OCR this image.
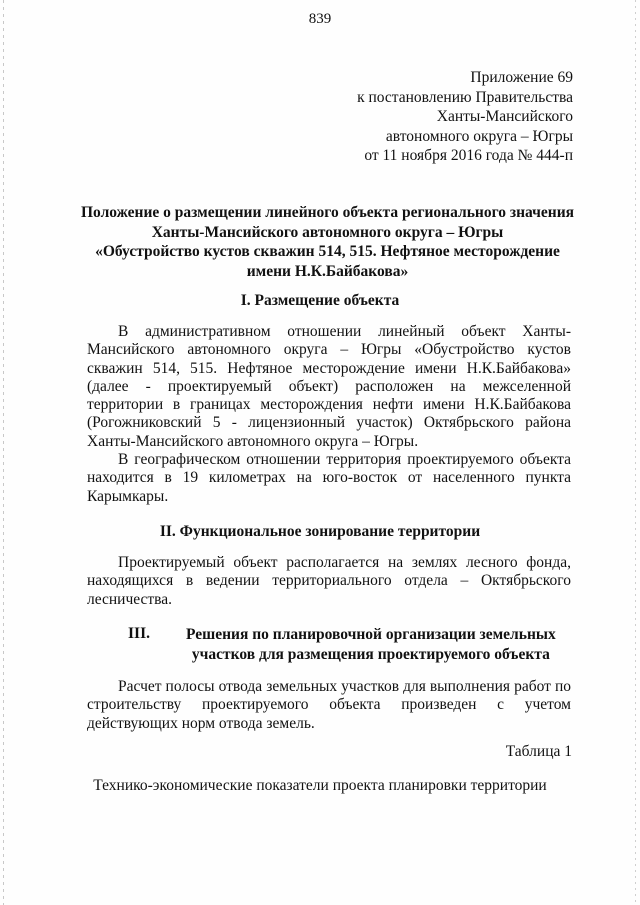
839
Приложение 69
к постановлению Правительства
Ханты-Мансийского
автономного округа – Югры
от 11 ноября 2016 года № 444-п
Положение о размещении линейного объекта регионального значения
Ханты-Мансийского автономного округа – Югры
«Обустройство кустов скважин 514, 515. Нефтяное месторождение
имени Н.К.Байбакова»
I. Размещение объекта
В административном отношении линейный объект Ханты-Мансийского автономного округа – Югры «Обустройство кустов скважин 514, 515. Нефтяное месторождение имени Н.К.Байбакова» (далее - проектируемый объект) расположен на межселенной территории в границах месторождения нефти имени Н.К.Байбакова (Рогожниковский 5 - лицензионный участок) Октябрьского района Ханты-Мансийского автономного округа – Югры.
В географическом отношении территория проектируемого объекта находится в 19 километрах на юго-восток от населенного пункта Карымкары.
II. Функциональное зонирование территории
Проектируемый объект располагается на землях лесного фонда, находящихся в ведении территориального отдела – Октябрьского лесничества.
III. Решения по планировочной организации земельных
участков для размещения проектируемого объекта
Расчет полосы отвода земельных участков для выполнения работ по строительству проектируемого объекта произведен с учетом действующих норм отвода земель.
Таблица 1
Технико-экономические показатели проекта планировки территории
